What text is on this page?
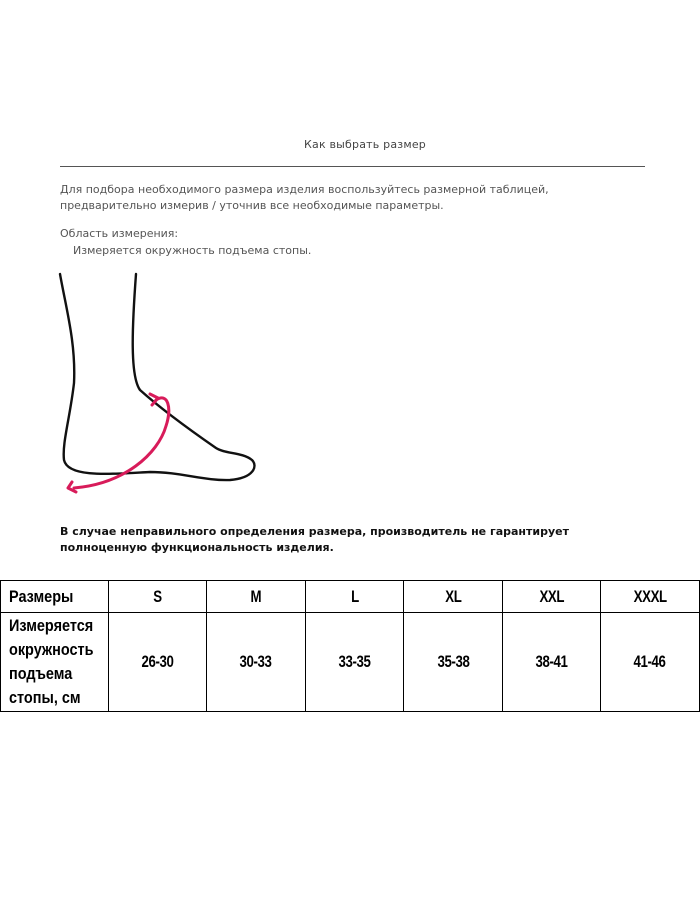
Как выбрать размер
Для подбора необходимого размера изделия воспользуйтесь размерной таблицей,
предварительно измерив / уточнив все необходимые параметры.
Область измерения:
Измеряется окружность подъема стопы.
В случае неправильного определения размера, производитель не гарантирует
полноценную функциональность изделия.
Размеры	S	M	L	XL	XXL	XXXL
Измеряется окружность подъема стопы, см	26-30	30-33	33-35	35-38	38-41	41-46
